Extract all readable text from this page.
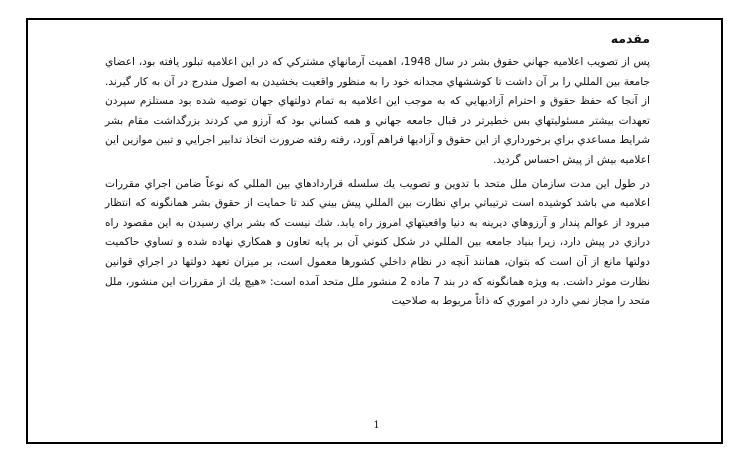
1
مقدمه

پس از تصويب اعلاميه جهاني حقوق بشر در سال 1948، اهميت آرمانهاي مشتركي كه در اين اعلاميه تبلور يافته بود، اعضاي جامعة بين المللي را بر آن داشت تا كوششهاي مجدانه خود را به منظور واقعيت بخشيدن به اصول مندرج در آن به كار گيرند. از آنجا كه حفظ حقوق و احترام آزاديهايي كه به موجب اين اعلاميه به تمام دولتهاي جهان توصيه شده بود مستلزم سپردن تعهدات بيشتر مسئوليتهاي بس خطيرتر در قبال جامعه جهاني و همه كساني بود كه آرزو مي كردند بزرگداشت مقام بشر شرايط مساعدي براي برخورداري از اين حقوق و آزاديها فراهم آورد، رفته رفته ضرورت اتخاذ تدابير اجرايي و تبين موازين اين اعلاميه بيش از پيش احساس گرديد.

در طول اين مدت سازمان ملل متحد با تدوين و تصويب يك سلسله قراردادهاي بين المللي كه نوعاً ضامن اجراي مقررات اعلاميه مي باشد كوشيده است ترتيباتي براي نظارت بين المللي پيش بيني كند تا حمايت از حقوق بشر همانگونه كه انتظار ميرود از عوالم پندار و آرزوهاي ديرينه به دنيا واقعيتهاي امروز راه يابد. شك نيست كه بشر براي رسيدن به اين مقصود راه درازي در پيش دارد، زيرا بنياد جامعه بين المللي در شكل كنوني آن بر پايه تعاون و همكاري نهاده شده و تساوي حاكميت دولتها مانع از آن است كه بتوان، همانند آنچه در نظام داخلي كشورها معمول است، بر ميزان تعهد دولتها در اجراي قوانين نظارت موثر داشت. به ويژه همانگونه كه در بند 7 ماده 2 منشور ملل متحد آمده است: «هيچ يك از مقررات اين منشور، ملل متحد را مجاز نمي دارد در اموري كه ذاتاً مربوط به صلاحيت
